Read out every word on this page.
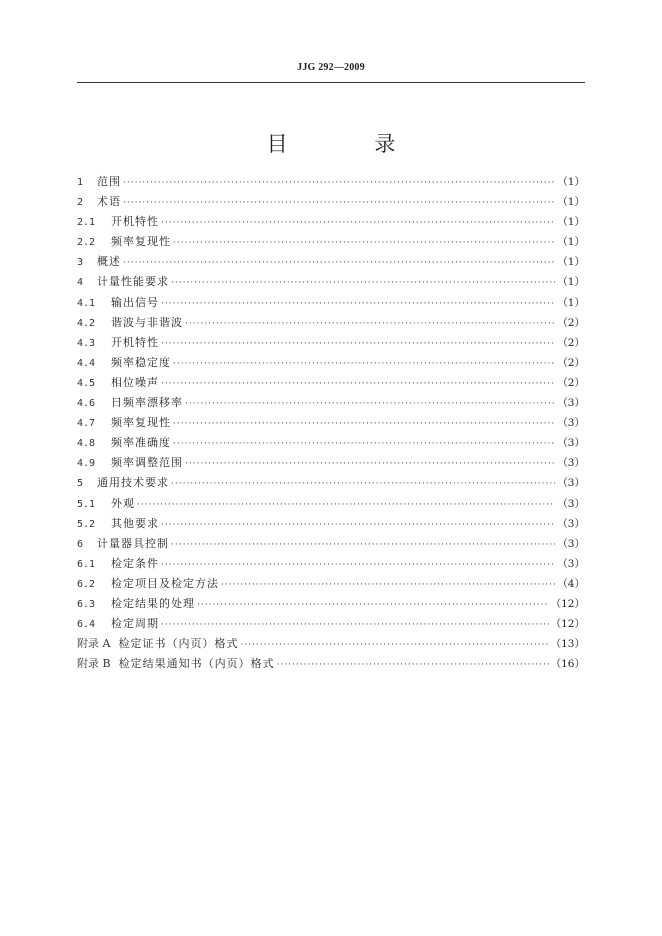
JJG 292—2009
目 录
1	范围 ·····	（1）
2	术语 ·····	（1）
2.1	开机特性 ·····	（1）
2.2	频率复现性 ·····	（1）
3	概述 ·····	（1）
4	计量性能要求 ·····	（1）
4.1	输出信号 ·····	（1）
4.2	谐波与非谐波 ·····	（2）
4.3	开机特性 ·····	（2）
4.4	频率稳定度 ·····	（2）
4.5	相位噪声 ·····	（2）
4.6	日频率漂移率 ·····	（3）
4.7	频率复现性 ·····	（3）
4.8	频率准确度 ·····	（3）
4.9	频率调整范围 ·····	（3）
5	通用技术要求 ·····	（3）
5.1	外观 ·····	（3）
5.2	其他要求 ·····	（3）
6	计量器具控制 ·····	（3）
6.1	检定条件 ·····	（3）
6.2	检定项目及检定方法 ·····	（4）
6.3	检定结果的处理 ·····	（12）
6.4	检定周期 ·····	（12）
附录 A 检定证书（内页）格式 ·····	（13）
附录 B 检定结果通知书（内页）格式 ·····	（16）
